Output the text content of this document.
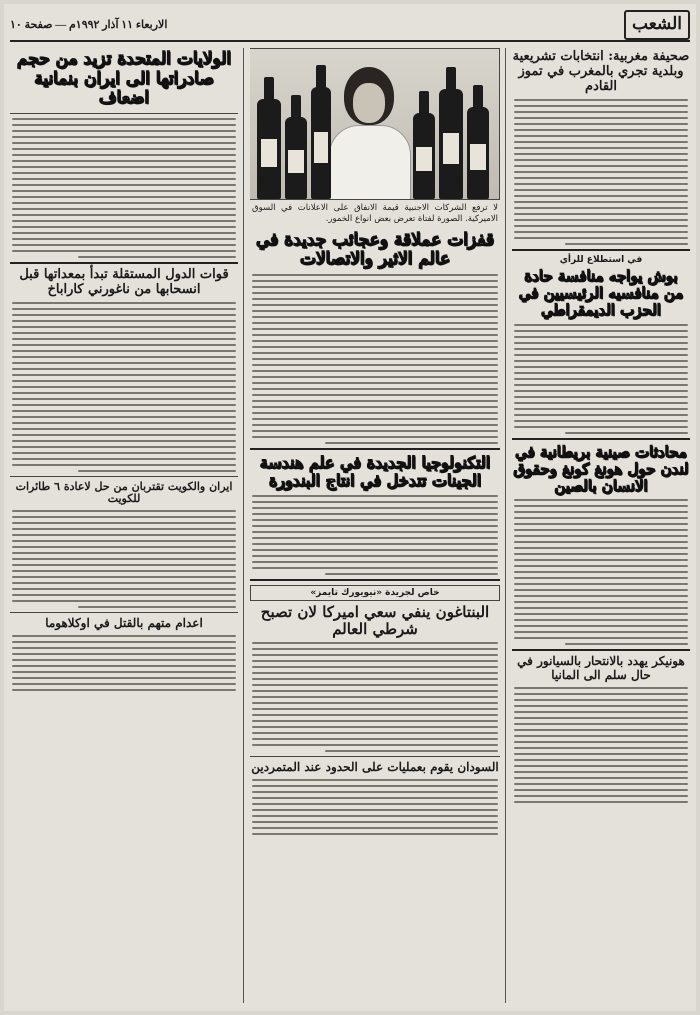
الشعب
الاربعاء ١١ آذار ١٩٩٢م — صفحة ١٠
صحيفة مغربية: انتخابات تشريعية وبلدية تجري بالمغرب في تموز القادم
في استطلاع للرأي
بوش يواجه منافسة حادة من منافسيه الرئيسيين في الحزب الديمقراطي
محادثات صينية بريطانية في لندن حول هونغ كونغ وحقوق الانسان بالصين
هونيكر يهدد بالانتحار بالسيانور في حال سلم الى المانيا
لا ترفع الشركات الاجنبية قيمة الانفاق على الاعلانات في السوق الاميركية. الصورة لفتاة تعرض بعض انواع الخمور.
قفزات عملاقة وعجائب جديدة في عالم الاثير والاتصالات
التكنولوجيا الجديدة في علم هندسة الجينات تتدخل في انتاج البندورة
خاص لجريدة «نيويورك تايمز»
البنتاغون ينفي سعي اميركا لان تصبح شرطي العالم
السودان يقوم بعمليات على الحدود عند المتمردين
الولايات المتحدة تزيد من حجم صادراتها الى ايران بنمانية اضعاف
قوات الدول المستقلة تبدأ بمعداتها قبل انسحابها من ناغورني كاراباخ
ايران والكويت تقتربان من حل لاعادة ٦ طائرات للكويت
اعدام متهم بالقتل في اوكلاهوما
